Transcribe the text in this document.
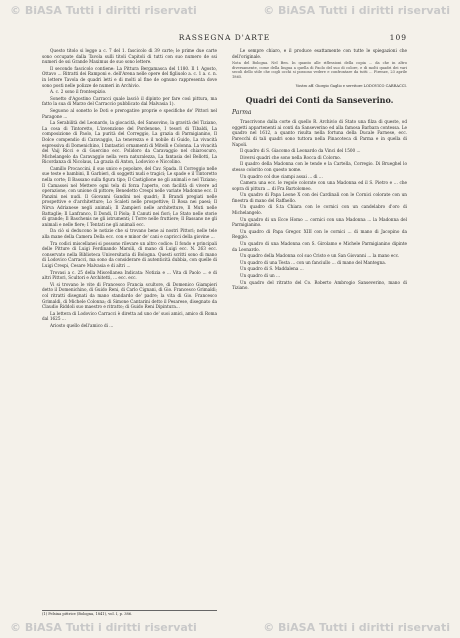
© BiASA Tutti i diritti riservati	© BiASA Tutti i diritti riservati
RASSEGNA D'ARTE	109

Questo titolo si legge a c. 7 del 1. fascicolo di 39 carte; le prime due carte sono occupate dalla Tavola sulli titoli Capitoli di tutti con suo numero de ssi numeri de ssi Grande Maximus de suo sono lettere.

Il secondo fascicolo contiene: La Pittura Bergamasca del 1180. Il 1 Agosto, Ottavo ... Ritratti dei Ramponi e. dell'Arena nelle opere del figliuolo a. c. 1 a. c. n. in lettere Tavola de quadri letti e di molti al fine de ognuno rappresenta dove sono posti nelle polizze de numeri in Archivio.

A. c. 2 sono il frontespizio.

Sonetto d'Agostino Carracci quale lasciò il dipinto per fare così pittura, ma fatto la sua di Marzo del Carraccio pubblicato dal Malvasia 1).

Seguono al sonetto le Doti e prerogative proprie e specifiche de' Pittori nel Paragone ...

La Serabilità del Leonardo, la giocacità, del Sansovino, la gravità del Tiziano, La cosa di Tintoretto, L'invenzione del Pordenone, I tesori di Tibaldi, La composizione di Paolo, La purità del Correggio, La grazia di Parmigianino, Il Dolce compendio di Caravaggio, La tenerezza e il nobile di Guido, La vivacità espressiva di Domenichino, I fantastici ornamenti di Mitelli e Colonna. La vivacità del Vaij Ricci e di Guercino ecc. Polidoro da Caravaggio nel chiaroscuro, Michelangelo da Caravaggio nella vera naturalezza, La fantasia del Bellotti, La Ricordanza di Nicolaus, La grazia di Anton, Lodovico e Niccolino.

Camillo Procaccini, il suo unico e popolare, del Cav. Spada. Il Correggio nelle sue teste e bambini, Il Garbieri, di soggetti nudi e tragici; Le spade e il Tintoretto nella corte; Il Bassano sulla figura tipo; Il Castiglione ne gli animali e nel Tiziano; Il Camassei nel Mettere ogni tela di forza l'aperto, con facilità di vivere ad operazione, con unione di pittore; Benedetto Crespi nelle variate Madonne ecc. Il Panzini nei nudi. Il Giovanni Gandini nei quadri; Il Brandi pregiati nelle prospettive e d'architetture; Lo Scaleti nelle prospettive; Il Rosa nei paesi; Il Nirva Adrianese negli animali; Il Zampieri nelle architetture, Il Muti nelle Battaglie; Il Lanfranco, Il Dondi, Il Piola; Il Canuti nei fiori; Lo Stato nelle storie di grande; Il Baschenis ne gli istrumenti; I Torre nelle fruttiere; Il Bassano ne gli animali e nelle fiere; I Tentati ne gli animali ecc.

Da ciò si deducono le notizie che si trovano bene ai nostri Pittori; nelle tele alla mane della Camera Della ecc. con e minor de' cani e capricci della giovine ...

Tra codici miscellanei si possono rilevare un altro codice: Il fondo e principali delle Pitture di Luigi Ferdinando Marsili, di mano di Luigi ecc. N. 263 ecc. conservato nella Biblioteca Universitaria di Bologna. Questi scritti sono di mano di Lodovico Carracci, ma sono da considerare di autenticità dubbia, con quelle di Luigi Crespi, Cesare Malvasia e di altri ...

Trovasi a c. 25 della Miscellanea Indicata: Notizia e ... Vita di Paolo ... e di altri Pittori, Scultori e Architetti, ... ecc. ecc.

Vi si trovano le vite di Francesco Francia scultore, di Domenico Giampieri detto il Domenichino, di Guido Reni, di Carlo Cignani, di Gio. Francesco Grimaldi; col ritratti disegnati da mano standardo de' padre; la vita di Gio. Francesco Grimaldi, di Michele Colonna; di Simone Cantarini detto il Pesarese, disegnato da Claudio Riddoli suo maestro e ritratto; di Guido Reni Dipintura...

La lettera di Lodovico Carracci è diretta ad uno de' suoi amici, amico di Roma dal 1625 ...

Ariosto quello dell'amico di ...

Le sempre chiaro, e il produce esattamente con tutte le spiegazioni che dell'originale.

Nota del Bologna. Nel Ben. In quanto alle riflessioni della copia ... da che in altro diversamente, come della lingua a quella di Paolo del suo di colore, e di molti quadri dei vari secoli dello stile che cogli occhi si possono vedere e confrontare da tutti ... Firenze, 23 aprile 1865.
Vostro aff. Giorgio Gaglio e servitore LODOVICO CARRACCI.
Quadri dei Conti da Sanseverino.
Parma

Trascrivono dalla corte di quello R. Archivio di Stato una filza di queste, od oggetti appartenenti ai conti da Sanseverino ed alla famosa Barbara contessa. Le quadro nel 1612, a quanto risulta nella fortuna della Ducale Farnese, ecc. Parecchi di tali quadri sono tuttora nella Pinacoteca di Parma e in quella di Napoli.

Il quadro di S. Giacomo di Leonardo da Vinci del 1500 ...

Diversi quadri che sono nella Rocca di Colorno.

Il quadro della Madonna con le tende e la Cartella, Corregio. Di Brueghel lo stesso colorito con questo nome.

Un quadro col due ciampi assai ... di ...

Camera una ecc. le regole colorate con una Madonna ed il S. Pietro e ... che sopra di pittura ... di Fra Bartolomeo.

Un quadro di Papa Leone X con dei Cardinali con le Cornici colorate con un finestra di mano del Raffaello.

Un quadro di S.ta Chiara con le cornici con un candelabro d'oro di Michelangelo.

Un quadro di un Ecce Homo ... cornici con una Madonna ... la Madonna del Parmigianino.

Un quadro di Papa Gregor. XIII con le cornici ... di mano di Jacopino da Reggio.

Un quadro di una Madonna con S. Girolamo e Michele Parmigianino dipinte da Leonardo.

Un quadro della Madonna col suo Cristo e un San Giovanni ... la mano ecc.

Un quadro di una Testa ... con un fanciullo ... di mano del Mantegna.

Un quadro di S. Maddalena ...

Un quadro di un ...

Un quadro del ritratto del Co. Roberto Ambrogio Sanseverino, mano di Tiziano.

(1) Felsina pittrice (Bologna, 1841), vol. I, p. 386.
© BiASA Tutti i diritti riservati	© BiASA Tutti i diritti riservati
